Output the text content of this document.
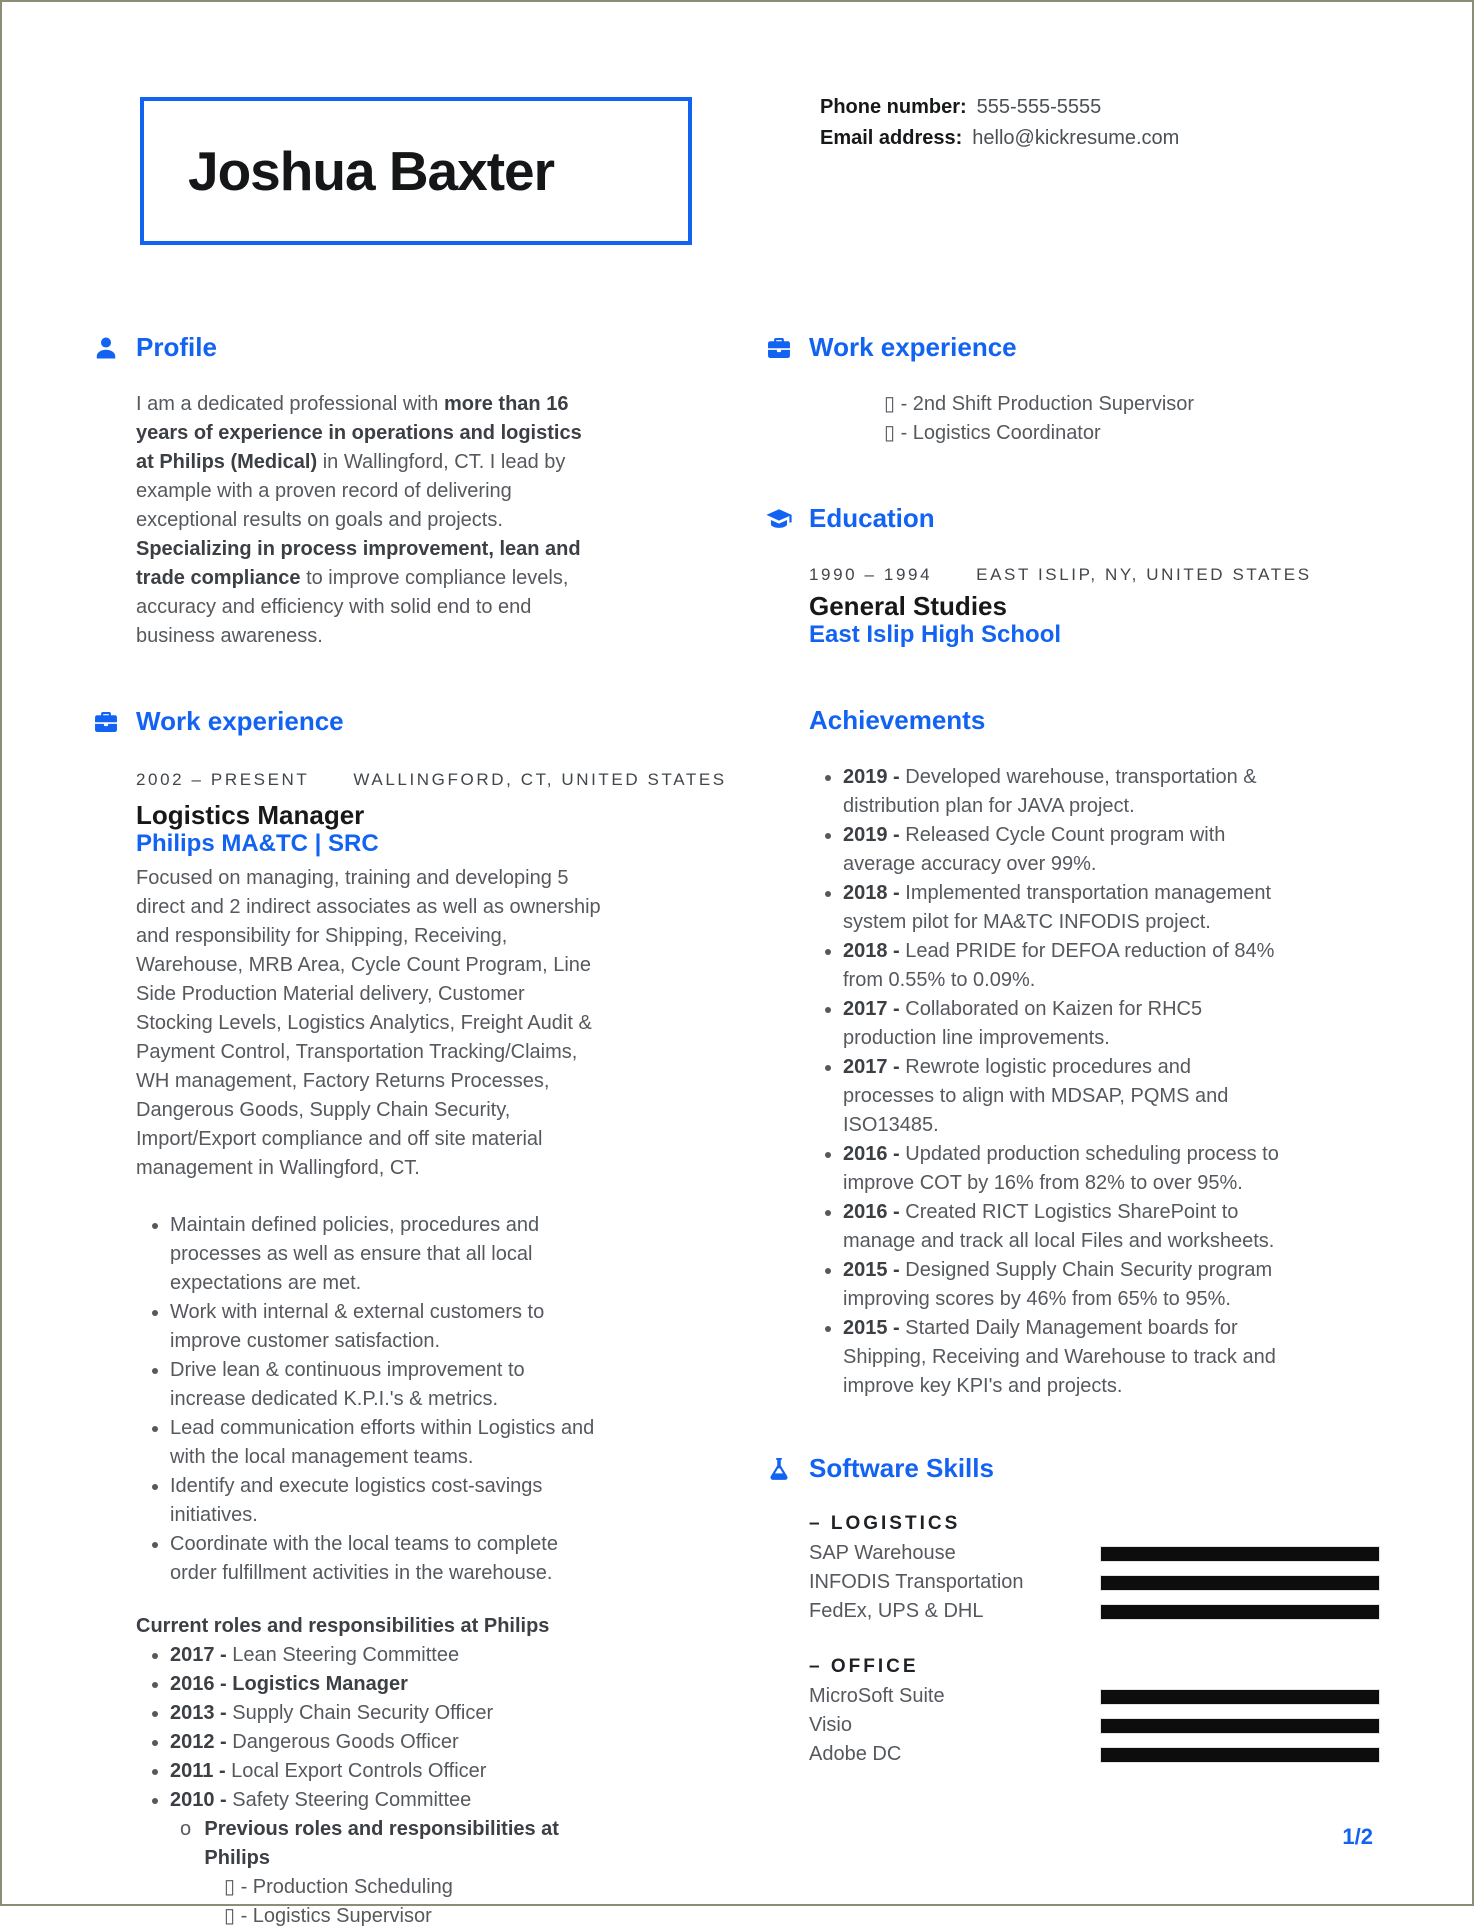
Joshua Baxter
Phone number: 555-555-5555
Email address: hello@kickresume.com
Profile
I am a dedicated professional with more than 16 years of experience in operations and logistics at Philips (Medical) in Wallingford, CT. I lead by example with a proven record of delivering exceptional results on goals and projects. Specializing in process improvement, lean and trade compliance to improve compliance levels, accuracy and efficiency with solid end to end business awareness.
Work experience
2002 – PRESENT	WALLINGFORD, CT, UNITED STATES
Logistics Manager
Philips MA&TC | SRC
Focused on managing, training and developing 5 direct and 2 indirect associates as well as ownership and responsibility for Shipping, Receiving, Warehouse, MRB Area, Cycle Count Program, Line Side Production Material delivery, Customer Stocking Levels, Logistics Analytics, Freight Audit & Payment Control, Transportation Tracking/Claims, WH management, Factory Returns Processes, Dangerous Goods, Supply Chain Security, Import/Export compliance and off site material management in Wallingford, CT.
• Maintain defined policies, procedures and processes as well as ensure that all local expectations are met.
• Work with internal & external customers to improve customer satisfaction.
• Drive lean & continuous improvement to increase dedicated K.P.I.'s & metrics.
• Lead communication efforts within Logistics and with the local management teams.
• Identify and execute logistics cost-savings initiatives.
• Coordinate with the local teams to complete order fulfillment activities in the warehouse.
Current roles and responsibilities at Philips
• 2017 - Lean Steering Committee
• 2016 - Logistics Manager
• 2013 - Supply Chain Security Officer
• 2012 - Dangerous Goods Officer
• 2011 - Local Export Controls Officer
• 2010 - Safety Steering Committee
o Previous roles and responsibilities at Philips
▯ - Production Scheduling
▯ - Logistics Supervisor
Work experience
▯ - 2nd Shift Production Supervisor
▯ - Logistics Coordinator
Education
1990 – 1994	EAST ISLIP, NY, UNITED STATES
General Studies
East Islip High School
Achievements
• 2019 - Developed warehouse, transportation & distribution plan for JAVA project.
• 2019 - Released Cycle Count program with average accuracy over 99%.
• 2018 - Implemented transportation management system pilot for MA&TC INFODIS project.
• 2018 - Lead PRIDE for DEFOA reduction of 84% from 0.55% to 0.09%.
• 2017 - Collaborated on Kaizen for RHC5 production line improvements.
• 2017 - Rewrote logistic procedures and processes to align with MDSAP, PQMS and ISO13485.
• 2016 - Updated production scheduling process to improve COT by 16% from 82% to over 95%.
• 2016 - Created RICT Logistics SharePoint to manage and track all local Files and worksheets.
• 2015 - Designed Supply Chain Security program improving scores by 46% from 65% to 95%.
• 2015 - Started Daily Management boards for Shipping, Receiving and Warehouse to track and improve key KPI's and projects.
Software Skills
– LOGISTICS
SAP Warehouse
INFODIS Transportation
FedEx, UPS & DHL
– OFFICE
MicroSoft Suite
Visio
Adobe DC
1/2
